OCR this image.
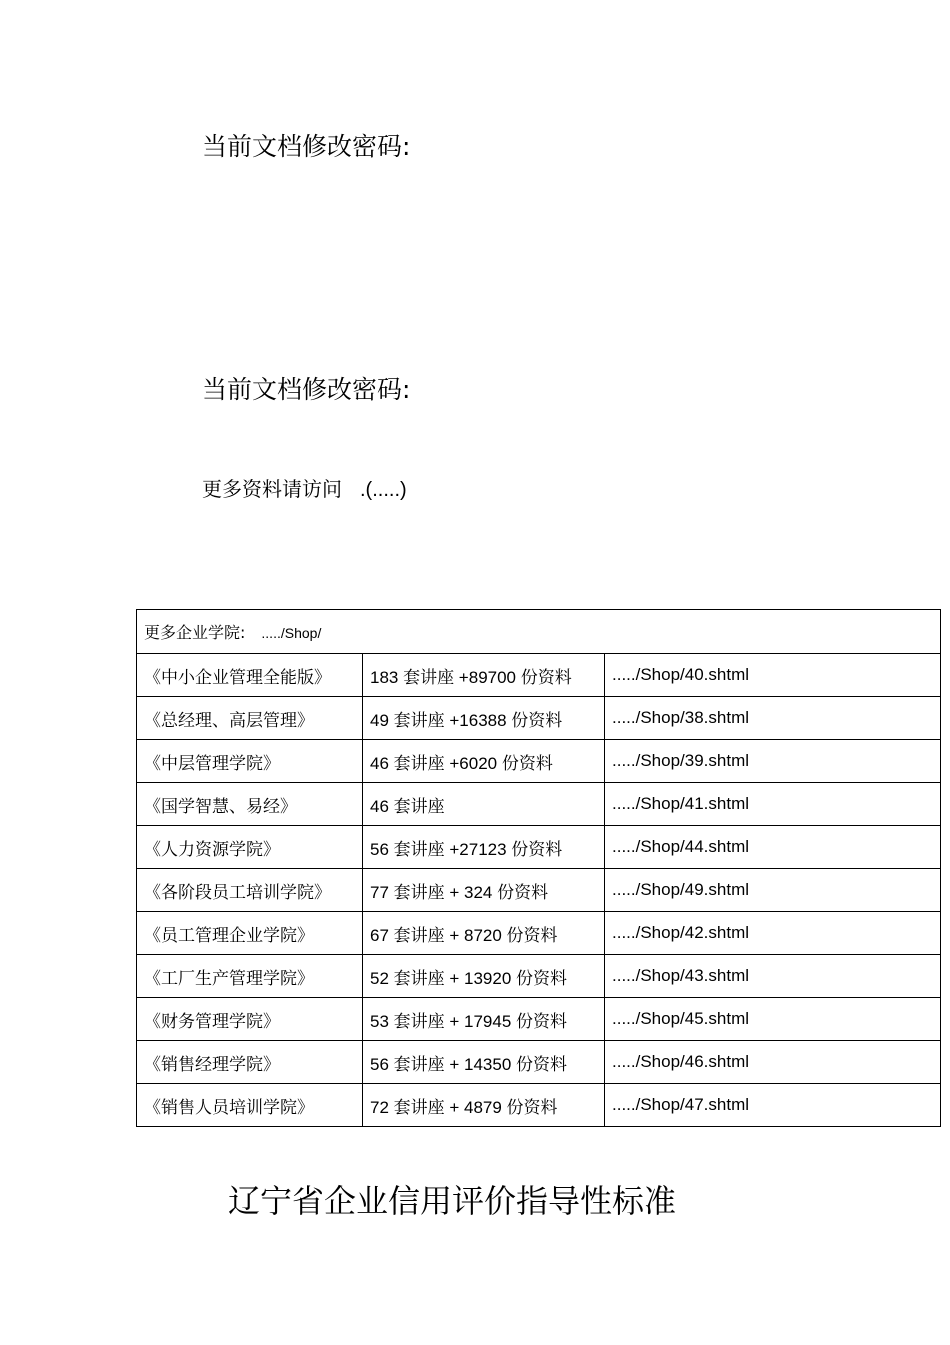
当前文档修改密码:
当前文档修改密码:
更多资料请访问 .(.....)
更多企业学院: ...../Shop/		
《中小企业管理全能版》	183 套讲座 +89700 份资料	...../Shop/40.shtml
《总经理、高层管理》	49 套讲座 +16388 份资料	...../Shop/38.shtml
《中层管理学院》	46 套讲座 +6020 份资料	...../Shop/39.shtml
《国学智慧、易经》	46 套讲座	...../Shop/41.shtml
《人力资源学院》	56 套讲座 +27123 份资料	...../Shop/44.shtml
《各阶段员工培训学院》	77 套讲座 + 324 份资料	...../Shop/49.shtml
《员工管理企业学院》	67 套讲座 + 8720 份资料	...../Shop/42.shtml
《工厂生产管理学院》	52 套讲座 + 13920 份资料	...../Shop/43.shtml
《财务管理学院》	53 套讲座 + 17945 份资料	...../Shop/45.shtml
《销售经理学院》	56 套讲座 + 14350 份资料	...../Shop/46.shtml
《销售人员培训学院》	72 套讲座 + 4879 份资料	...../Shop/47.shtml
辽宁省企业信用评价指导性标准
